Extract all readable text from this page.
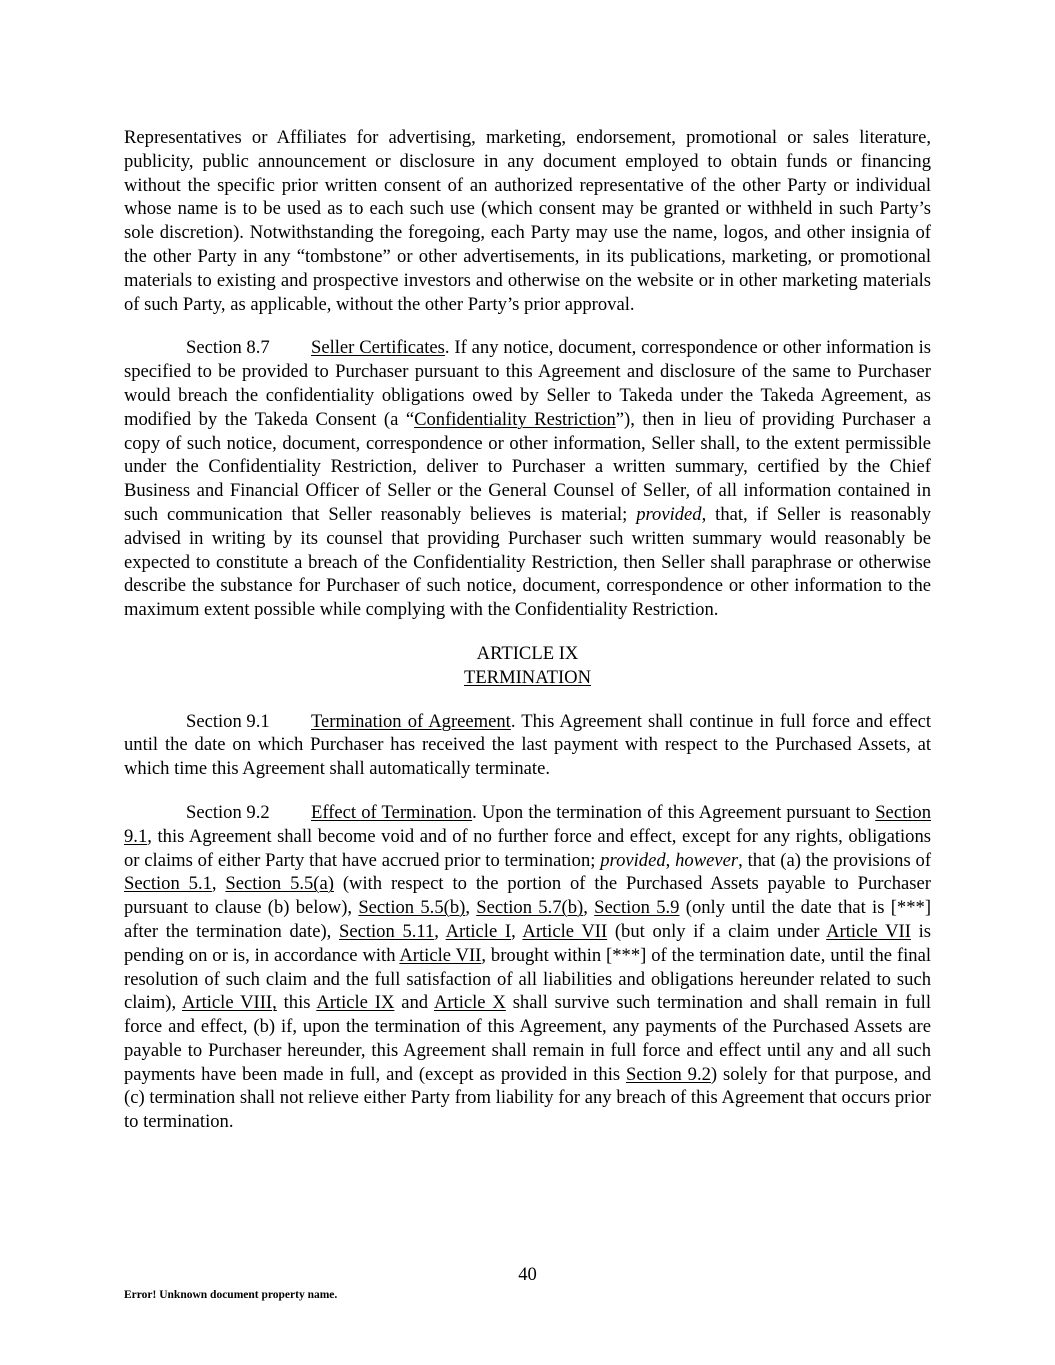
Representatives or Affiliates for advertising, marketing, endorsement, promotional or sales literature, publicity, public announcement or disclosure in any document employed to obtain funds or financing without the specific prior written consent of an authorized representative of the other Party or individual whose name is to be used as to each such use (which consent may be granted or withheld in such Party’s sole discretion). Notwithstanding the foregoing, each Party may use the name, logos, and other insignia of the other Party in any “tombstone” or other advertisements, in its publications, marketing, or promotional materials to existing and prospective investors and otherwise on the website or in other marketing materials of such Party, as applicable, without the other Party’s prior approval.

Section 8.7 Seller Certificates. If any notice, document, correspondence or other information is specified to be provided to Purchaser pursuant to this Agreement and disclosure of the same to Purchaser would breach the confidentiality obligations owed by Seller to Takeda under the Takeda Agreement, as modified by the Takeda Consent (a “Confidentiality Restriction”), then in lieu of providing Purchaser a copy of such notice, document, correspondence or other information, Seller shall, to the extent permissible under the Confidentiality Restriction, deliver to Purchaser a written summary, certified by the Chief Business and Financial Officer of Seller or the General Counsel of Seller, of all information contained in such communication that Seller reasonably believes is material; provided, that, if Seller is reasonably advised in writing by its counsel that providing Purchaser such written summary would reasonably be expected to constitute a breach of the Confidentiality Restriction, then Seller shall paraphrase or otherwise describe the substance for Purchaser of such notice, document, correspondence or other information to the maximum extent possible while complying with the Confidentiality Restriction.

ARTICLE IX

TERMINATION

Section 9.1 Termination of Agreement. This Agreement shall continue in full force and effect until the date on which Purchaser has received the last payment with respect to the Purchased Assets, at which time this Agreement shall automatically terminate.

Section 9.2 Effect of Termination. Upon the termination of this Agreement pursuant to Section 9.1, this Agreement shall become void and of no further force and effect, except for any rights, obligations or claims of either Party that have accrued prior to termination; provided, however, that (a) the provisions of Section 5.1, Section 5.5(a) (with respect to the portion of the Purchased Assets payable to Purchaser pursuant to clause (b) below), Section 5.5(b), Section 5.7(b), Section 5.9 (only until the date that is [***] after the termination date), Section 5.11, Article I, Article VII (but only if a claim under Article VII is pending on or is, in accordance with Article VII, brought within [***] of the termination date, until the final resolution of such claim and the full satisfaction of all liabilities and obligations hereunder related to such claim), Article VIII, this Article IX and Article X shall survive such termination and shall remain in full force and effect, (b) if, upon the termination of this Agreement, any payments of the Purchased Assets are payable to Purchaser hereunder, this Agreement shall remain in full force and effect until any and all such payments have been made in full, and (except as provided in this Section 9.2) solely for that purpose, and (c) termination shall not relieve either Party from liability for any breach of this Agreement that occurs prior to termination.

40
Error! Unknown document property name.
